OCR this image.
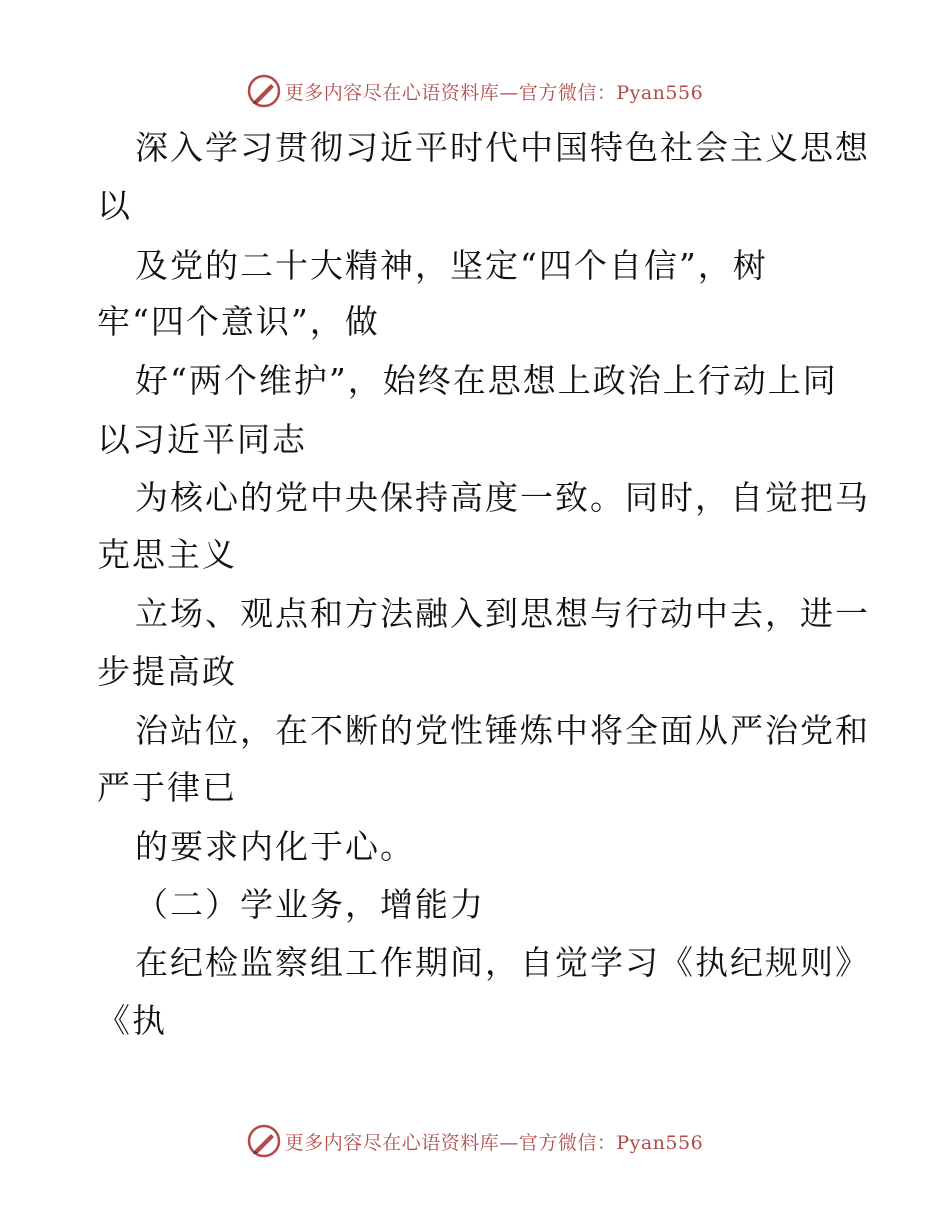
更多内容尽在心语资料库—官方微信：Pyan556
深入学习贯彻习近平时代中国特色社会主义思想
以
及党的二十大精神，坚定“四个自信”，树
牢“四个意识”，做
好“两个维护”，始终在思想上政治上行动上同
以习近平同志
为核心的党中央保持高度一致。同时，自觉把马
克思主义
立场、观点和方法融入到思想与行动中去，进一
步提高政
治站位，在不断的党性锤炼中将全面从严治党和
严于律已
的要求内化于心。
（二）学业务，增能力
在纪检监察组工作期间，自觉学习《执纪规则》
《执
更多内容尽在心语资料库—官方微信：Pyan556
